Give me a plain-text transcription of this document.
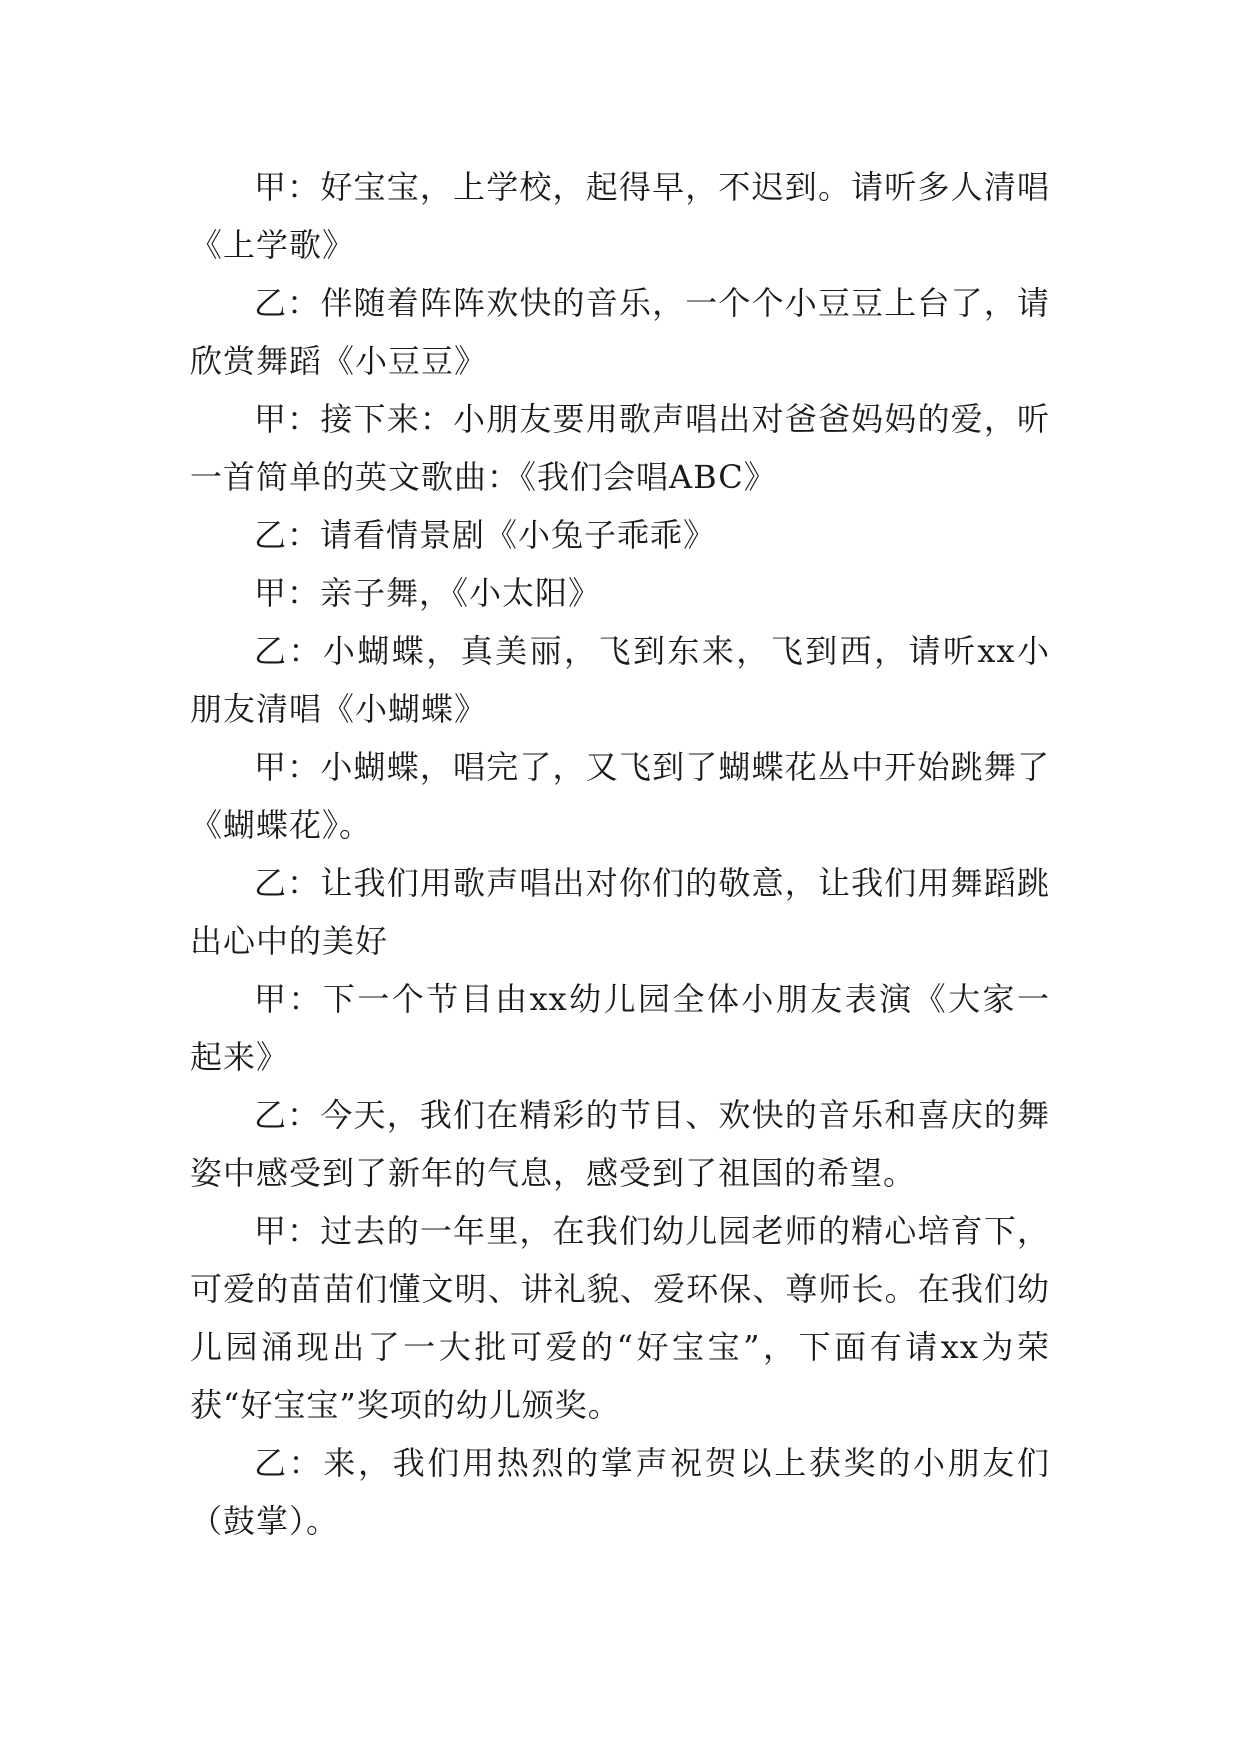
甲：好宝宝，上学校，起得早，不迟到。请听多人清唱《上学歌》

乙：伴随着阵阵欢快的音乐，一个个小豆豆上台了，请欣赏舞蹈《小豆豆》

甲：接下来：小朋友要用歌声唱出对爸爸妈妈的爱，听一首简单的英文歌曲：《我们会唱ABC》

乙：请看情景剧《小兔子乖乖》

甲：亲子舞，《小太阳》

乙：小蝴蝶，真美丽，飞到东来，飞到西，请听xx小朋友清唱《小蝴蝶》

甲：小蝴蝶，唱完了，又飞到了蝴蝶花丛中开始跳舞了《蝴蝶花》。

乙：让我们用歌声唱出对你们的敬意，让我们用舞蹈跳出心中的美好

甲：下一个节目由xx幼儿园全体小朋友表演《大家一起来》

乙：今天，我们在精彩的节目、欢快的音乐和喜庆的舞姿中感受到了新年的气息，感受到了祖国的希望。

甲：过去的一年里，在我们幼儿园老师的精心培育下，可爱的苗苗们懂文明、讲礼貌、爱环保、尊师长。在我们幼儿园涌现出了一大批可爱的“好宝宝”，下面有请xx为荣获“好宝宝”奖项的幼儿颁奖。

乙：来，我们用热烈的掌声祝贺以上获奖的小朋友们（鼓掌）。
